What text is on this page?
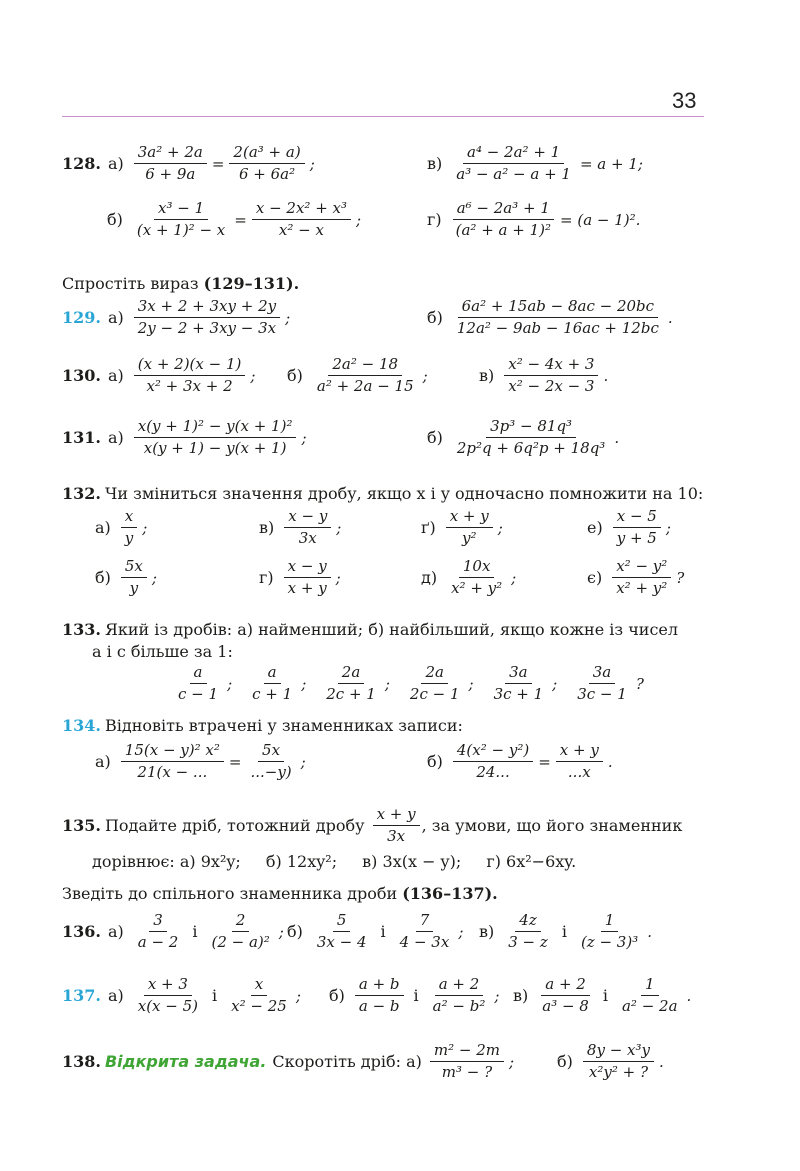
33
128. $а) \frac{\text{3a² + 2a}}{6 + 9a} = \frac{\text{2(a³ + a)}}{\text{6 + 6a²}}$ ;	$в) \frac{\text{a⁴ − 2a² + 1}}{\text{a³ − a² − a + 1}} = a + 1$;
$б) \frac{\text{x³ − 1}}{\text{(x + 1)² − x}} = \frac{\text{x − 2x² + x³}}{\text{x² − x}}$ ;	$г) \frac{\text{a⁶ − 2a³ + 1}}{\text{(a² + a + 1)²}} = (a - 1)^2$.
Спростіть вираз (129–131).
129. $а) \frac{3x + 2 + 3xy + 2y}{2y - 2 + 3xy - 3x}$ ;	$б) \frac{\text{6a² + 15ab − 8ac − 20bc}}{\text{12a² − 9ab − 16ac + 12bc}}$ .
130. $а) \frac{(x + 2)(x - 1)}{\text{x² + 3x + 2}}$ ; $б) \frac{\text{2a² − 18}}{\text{a² + 2a − 15}}$ ;	$в) \frac{\text{x² − 4x + 3}}{\text{x² − 2x − 3}}$ .
131. $а) \frac{\text{x(y + 1)² − y(x + 1)²}}{x(y + 1) - y(x + 1)}$ ;	$б) \frac{\text{3p³ − 81q³}}{\text{2p²q + 6q²p + 18q³}}$ .
132. Чи зміниться значення дробу, якщо x і y одночасно помножити на 10:
$а) \frac{x}{y}$ ;	$в) \frac{x - y}{3x}$ ;	$ґ) \frac{x + y}{\text{y²}}$ ;	$е) \frac{x - 5}{y + 5}$ ;
$б) \frac{5x}{y}$ ;	$г) \frac{x - y}{x + y}$ ;	$д) \frac{10x}{\text{x² + y²}}$ ;	$є) \frac{\text{x² − y²}}{\text{x² + y²}}$ ?
133. Який із дробів: а) найменший; б) найбільший, якщо кожне із чисел
a і c більше за 1:
$\frac{a}{c - 1}$ ; $\frac{a}{c + 1}$ ; $\frac{2a}{2c + 1}$ ; $\frac{2a}{2c - 1}$ ; $\frac{3a}{3c + 1}$ ; $\frac{3a}{3c - 1}$ ?
134. Відновіть втрачені у знаменниках записи:
$а) \frac{\text{15(x − y)² x²}}{21(x - ...} = \frac{5x}{...-y)}$ ;	$б) \frac{\text{4(x² − y²)}}{24...} = \frac{x + y}{...x}$ .
135. Подайте дріб, тотожний дробу $\frac{x + y}{3x}$ , за умови, що його знаменник
дорівнює: а) 9x²y; б) 12xy²; в) 3x(x − y); г) 6x²−6xy.
Зведіть до спільного знаменника дроби (136–137).
136. $а) \frac{3}{a - 2}$ і $\frac{2}{\text{(2 − a)²}}$ ; $б) \frac{5}{3x - 4}$ і $\frac{7}{4 - 3x}$ ; $в) \frac{4z}{3 - z}$ і $\frac{1}{\text{(z − 3)³}}$ .
137. $а) \frac{x + 3}{x(x - 5)}$ і $\frac{x}{\text{x² − 25}}$ ; $б) \frac{a + b}{a - b}$ і $\frac{a + 2}{\text{a² − b²}}$ ; $в) \frac{a + 2}{\text{a³ − 8}}$ і $\frac{1}{\text{a² − 2a}}$ .
138. Відкрита задача. Скоротіть дріб: $а) \frac{\text{m² − 2m}}{\text{m³ − ?}}$ ;	$б) \frac{\text{8y − x³y}}{\text{x²y² + ?}}$ .
